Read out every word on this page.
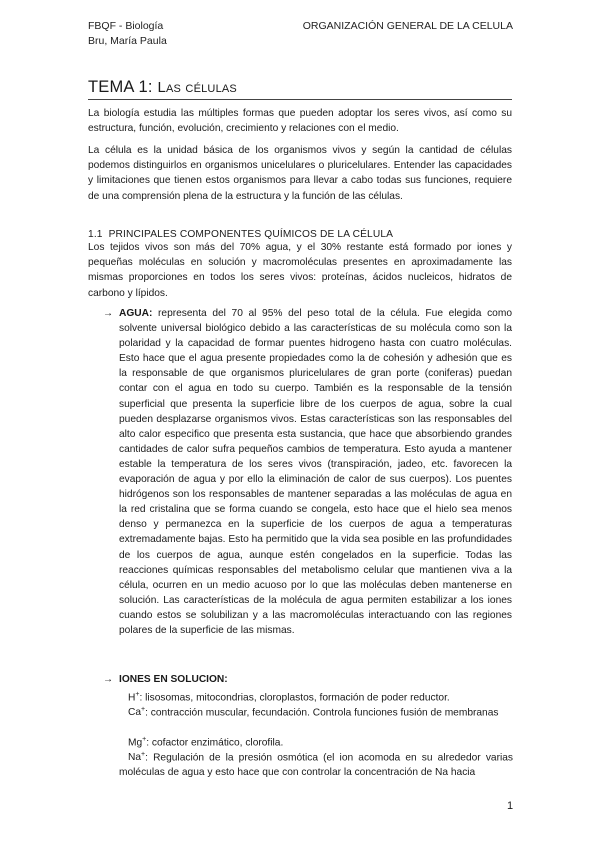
FBQF - Biología
Bru, María Paula
ORGANIZACIÓN GENERAL DE LA CELULA
TEMA 1: Las células
La biología estudia las múltiples formas que pueden adoptar los seres vivos, así como su estructura, función, evolución, crecimiento y relaciones con el medio.
La célula es la unidad básica de los organismos vivos y según la cantidad de células podemos distinguirlos en organismos unicelulares o pluricelulares. Entender las capacidades y limitaciones que tienen estos organismos para llevar a cabo todas sus funciones, requiere de una comprensión plena de la estructura y la función de las células.
1.1 PRINCIPALES COMPONENTES QUÍMICOS DE LA CÉLULA
Los tejidos vivos son más del 70% agua, y el 30% restante está formado por iones y pequeñas moléculas en solución y macromoléculas presentes en aproximadamente las mismas proporciones en todos los seres vivos: proteínas, ácidos nucleicos, hidratos de carbono y lípidos.
→ AGUA: representa del 70 al 95% del peso total de la célula. Fue elegida como solvente universal biológico debido a las características de su molécula como son la polaridad y la capacidad de formar puentes hidrogeno hasta con cuatro moléculas. Esto hace que el agua presente propiedades como la de cohesión y adhesión que es la responsable de que organismos pluricelulares de gran porte (coniferas) puedan contar con el agua en todo su cuerpo. También es la responsable de la tensión superficial que presenta la superficie libre de los cuerpos de agua, sobre la cual pueden desplazarse organismos vivos. Estas características son las responsables del alto calor especifico que presenta esta sustancia, que hace que absorbiendo grandes cantidades de calor sufra pequeños cambios de temperatura. Esto ayuda a mantener estable la temperatura de los seres vivos (transpiración, jadeo, etc. favorecen la evaporación de agua y por ello la eliminación de calor de sus cuerpos). Los puentes hidrógenos son los responsables de mantener separadas a las moléculas de agua en la red cristalina que se forma cuando se congela, esto hace que el hielo sea menos denso y permanezca en la superficie de los cuerpos de agua a temperaturas extremadamente bajas. Esto ha permitido que la vida sea posible en las profundidades de los cuerpos de agua, aunque estén congelados en la superficie. Todas las reacciones químicas responsables del metabolismo celular que mantienen viva a la célula, ocurren en un medio acuoso por lo que las moléculas deben mantenerse en solución. Las características de la molécula de agua permiten estabilizar a los iones cuando estos se solubilizan y a las macromoléculas interactuando con las regiones polares de la superficie de las mismas.
→ IONES EN SOLUCION:
H+: lisosomas, mitocondrias, cloroplastos, formación de poder reductor.
Ca+: contracción muscular, fecundación. Controla funciones fusión de membranas
Mg+: cofactor enzimático, clorofila.
Na+: Regulación de la presión osmótica (el ion acomoda en su alrededor varias moléculas de agua y esto hace que con controlar la concentración de Na hacia
1
